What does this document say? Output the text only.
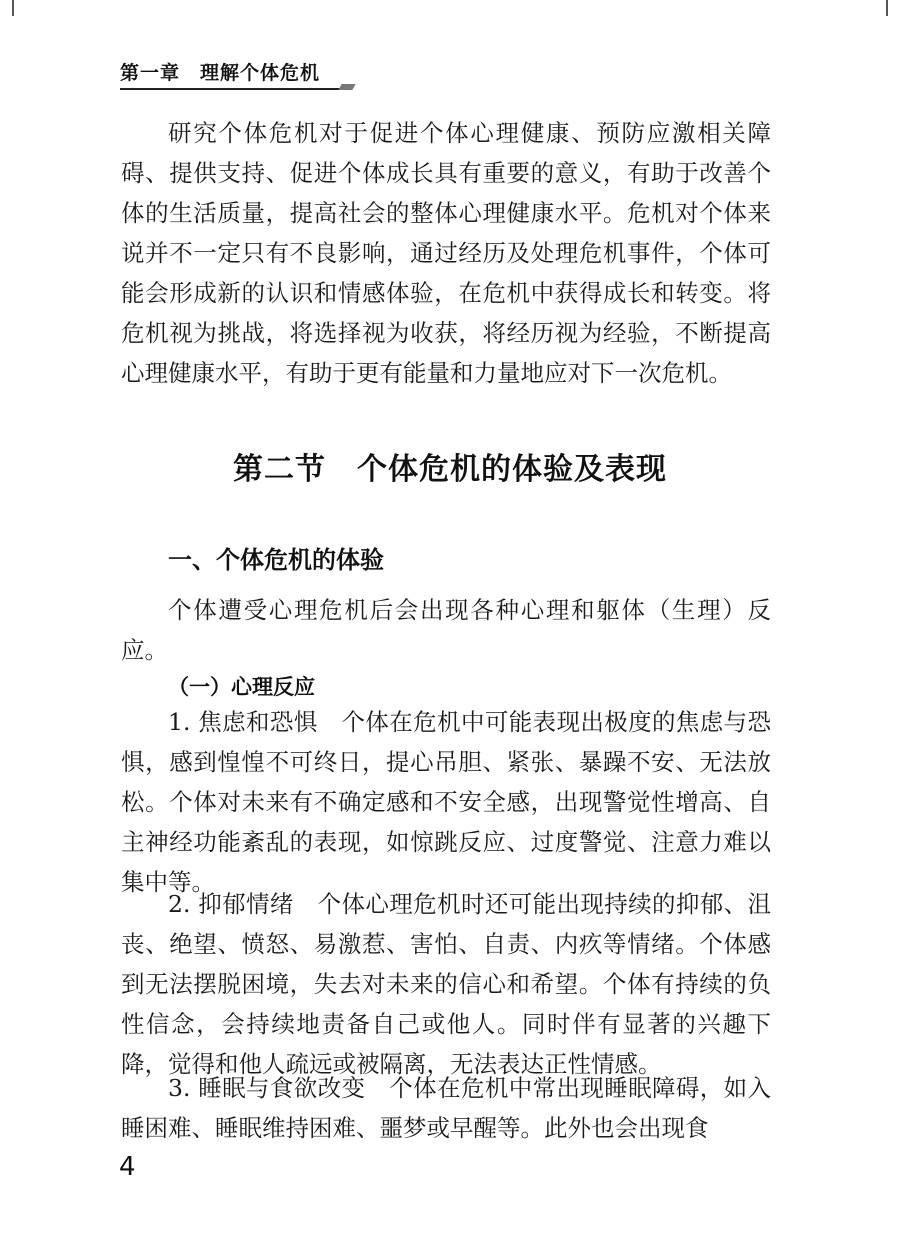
第一章　理解个体危机

研究个体危机对于促进个体心理健康、预防应激相关障碍、提供支持、促进个体成长具有重要的意义，有助于改善个体的生活质量，提高社会的整体心理健康水平。危机对个体来说并不一定只有不良影响，通过经历及处理危机事件，个体可能会形成新的认识和情感体验，在危机中获得成长和转变。将危机视为挑战，将选择视为收获，将经历视为经验，不断提高心理健康水平，有助于更有能量和力量地应对下一次危机。

第二节　个体危机的体验及表现
一、个体危机的体验

个体遭受心理危机后会出现各种心理和躯体（生理）反应。

（一）心理反应

1. 焦虑和恐惧　个体在危机中可能表现出极度的焦虑与恐惧，感到惶惶不可终日，提心吊胆、紧张、暴躁不安、无法放松。个体对未来有不确定感和不安全感，出现警觉性增高、自主神经功能紊乱的表现，如惊跳反应、过度警觉、注意力难以集中等。

2. 抑郁情绪　个体心理危机时还可能出现持续的抑郁、沮丧、绝望、愤怒、易激惹、害怕、自责、内疚等情绪。个体感到无法摆脱困境，失去对未来的信心和希望。个体有持续的负性信念，会持续地责备自己或他人。同时伴有显著的兴趣下降，觉得和他人疏远或被隔离，无法表达正性情感。

3. 睡眠与食欲改变　个体在危机中常出现睡眠障碍，如入睡困难、睡眠维持困难、噩梦或早醒等。此外也会出现食

4
